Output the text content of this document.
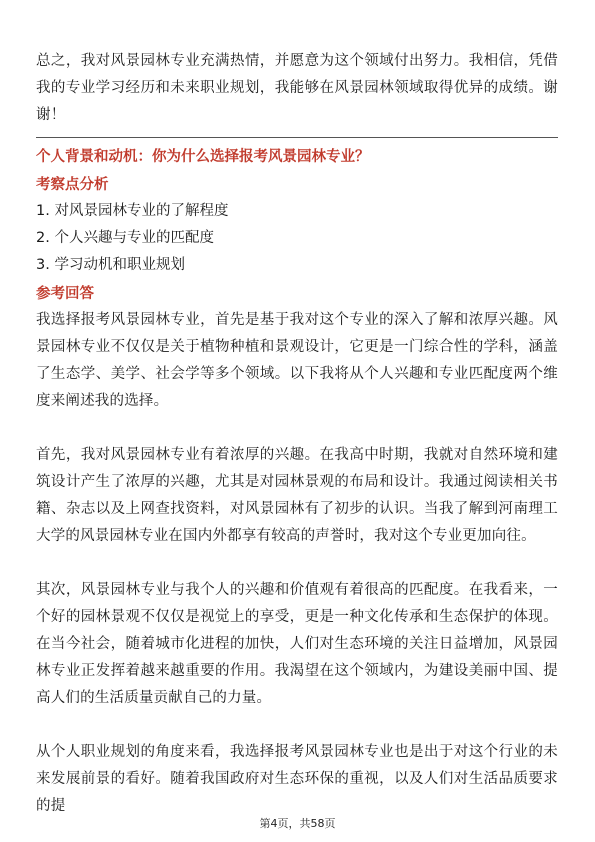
总之，我对风景园林专业充满热情，并愿意为这个领域付出努力。我相信，凭借我的专业学习经历和未来职业规划，我能够在风景园林领域取得优异的成绩。谢谢！

个人背景和动机：你为什么选择报考风景园林专业？

考察点分析

1. 对风景园林专业的了解程度

2. 个人兴趣与专业的匹配度

3. 学习动机和职业规划

参考回答

我选择报考风景园林专业，首先是基于我对这个专业的深入了解和浓厚兴趣。风景园林专业不仅仅是关于植物种植和景观设计，它更是一门综合性的学科，涵盖了生态学、美学、社会学等多个领域。以下我将从个人兴趣和专业匹配度两个维度来阐述我的选择。

首先，我对风景园林专业有着浓厚的兴趣。在我高中时期，我就对自然环境和建筑设计产生了浓厚的兴趣，尤其是对园林景观的布局和设计。我通过阅读相关书籍、杂志以及上网查找资料，对风景园林有了初步的认识。当我了解到河南理工大学的风景园林专业在国内外都享有较高的声誉时，我对这个专业更加向往。

其次，风景园林专业与我个人的兴趣和价值观有着很高的匹配度。在我看来，一个好的园林景观不仅仅是视觉上的享受，更是一种文化传承和生态保护的体现。在当今社会，随着城市化进程的加快，人们对生态环境的关注日益增加，风景园林专业正发挥着越来越重要的作用。我渴望在这个领域内，为建设美丽中国、提高人们的生活质量贡献自己的力量。

从个人职业规划的角度来看，我选择报考风景园林专业也是出于对这个行业的未来发展前景的看好。随着我国政府对生态环保的重视，以及人们对生活品质要求的提

第4页，共58页
